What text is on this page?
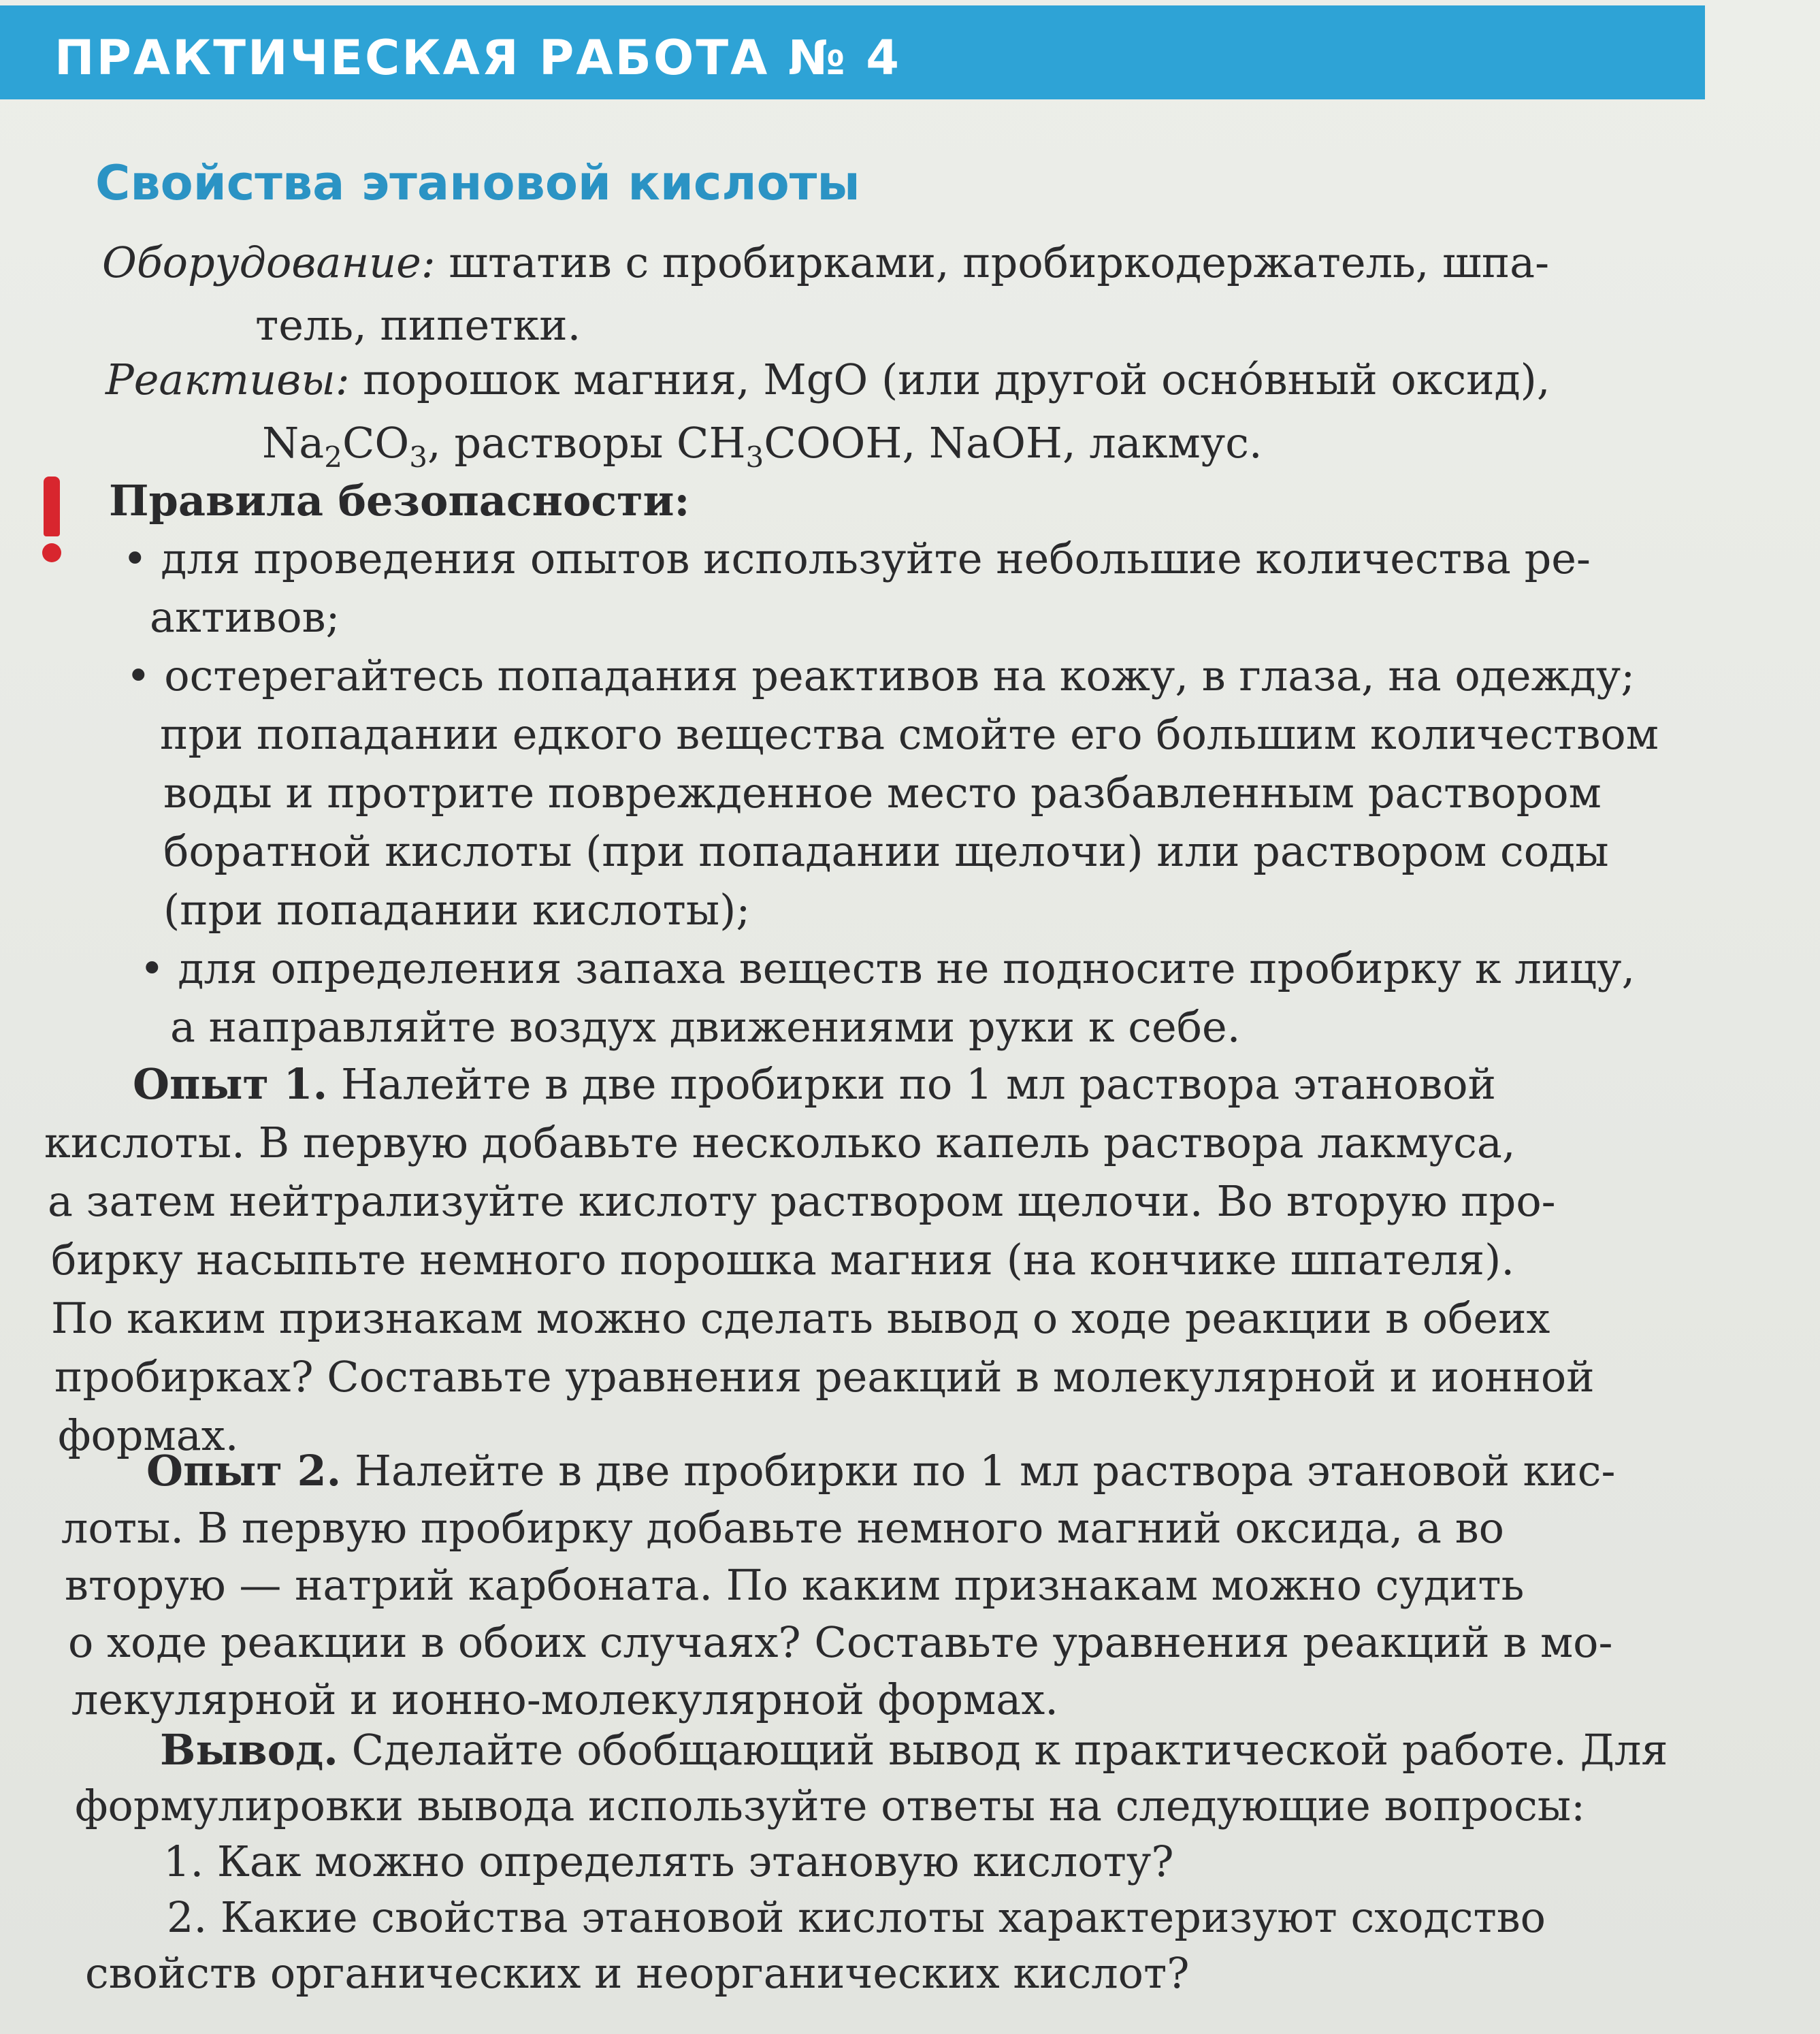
ПРАКТИЧЕСКАЯ РАБОТА № 4
Свойства этановой кислоты
Оборудование: штатив с пробирками, пробиркодержатель, шпа-
тель, пипетки.
Реактивы: порошок магния, MgO (или другой осно́вный оксид),
$Na_2CO_3$, растворы $CH_3COOH$, NaOH, лакмус.
Правила безопасности:
• для проведения опытов используйте небольшие количества ре-
активов;
• остерегайтесь попадания реактивов на кожу, в глаза, на одежду;
при попадании едкого вещества смойте его большим количеством
воды и протрите поврежденное место разбавленным раствором
боратной кислоты (при попадании щелочи) или раствором соды
(при попадании кислоты);
• для определения запаха веществ не подносите пробирку к лицу,
а направляйте воздух движениями руки к себе.
Опыт 1. Налейте в две пробирки по 1 мл раствора этановой
кислоты. В первую добавьте несколько капель раствора лакмуса,
а затем нейтрализуйте кислоту раствором щелочи. Во вторую про-
бирку насыпьте немного порошка магния (на кончике шпателя).
По каким признакам можно сделать вывод о ходе реакции в обеих
пробирках? Составьте уравнения реакций в молекулярной и ионной
формах.
Опыт 2. Налейте в две пробирки по 1 мл раствора этановой кис-
лоты. В первую пробирку добавьте немного магний оксида, а во
вторую — натрий карбоната. По каким признакам можно судить
о ходе реакции в обоих случаях? Составьте уравнения реакций в мо-
лекулярной и ионно-молекулярной формах.
Вывод. Сделайте обобщающий вывод к практической работе. Для
формулировки вывода используйте ответы на следующие вопросы:
1. Как можно определять этановую кислоту?
2. Какие свойства этановой кислоты характеризуют сходство
свойств органических и неорганических кислот?
